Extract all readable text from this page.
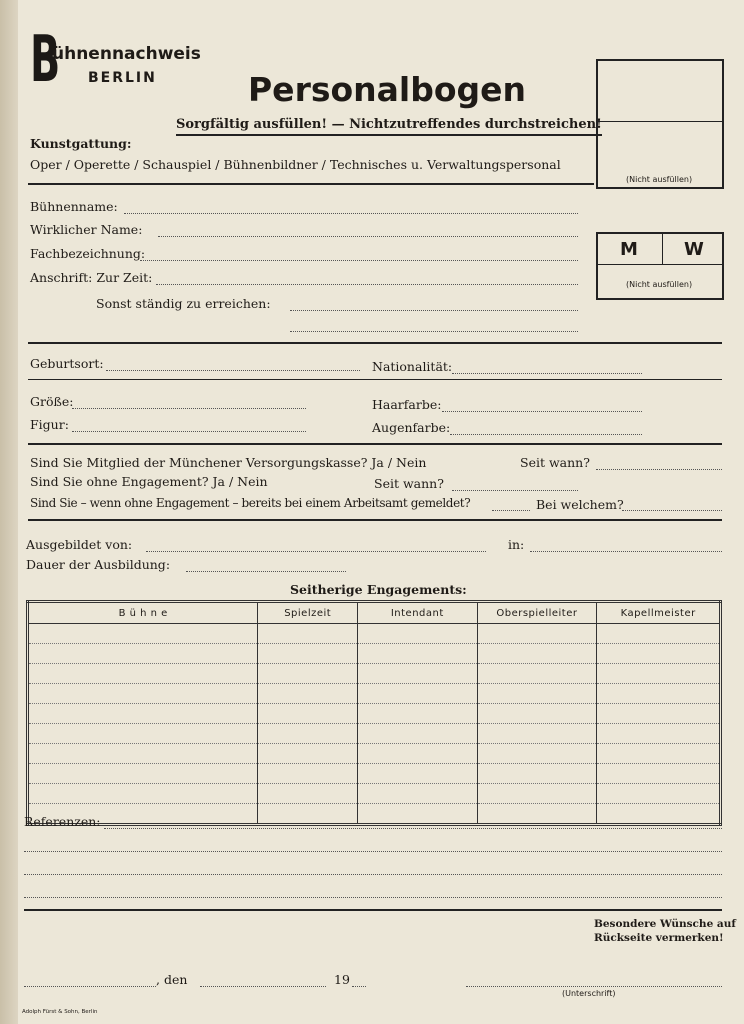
B
ühnennachweis
BERLIN	Personalbogen
Sorgfältig ausfüllen! — Nichtzutreffendes durchstreichen!
(Nicht ausfüllen)
Kunstgattung:
Oper / Operette / Schauspiel / Bühnenbildner / Technisches u. Verwaltungspersonal
Bühnenname:
Wirklicher Name:
Fachbezeichnung:
Anschrift: Zur Zeit:
Sonst ständig zu erreichen:
M	W
(Nicht ausfüllen)
Geburtsort:	Nationalität:
Größe:	Haarfarbe:
Figur:	Augenfarbe:
Sind Sie Mitglied der Münchener Versorgungskasse? Ja / Nein	Seit wann?
Sind Sie ohne Engagement? Ja / Nein	Seit wann?
Sind Sie – wenn ohne Engagement – bereits bei einem Arbeitsamt gemeldet?	Bei welchem?
Ausgebildet von:	in:
Dauer der Ausbildung:
Seitherige Engagements:
B ü h n e	Spielzeit	Intendant	Oberspielleiter	Kapellmeister

Referenzen:
Besondere Wünsche auf
Rückseite vermerken!
, den	19
(Unterschrift)
Adolph Fürst & Sohn, Berlin
